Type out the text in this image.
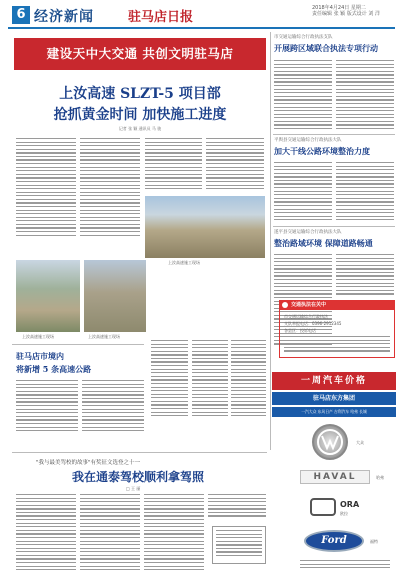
6 经济新闻	驻马店日报
2018年4月24日 星期二
责任编辑 张 颖 版式设计 刘 洋
建设天中大交通 共创文明驻马店
上汝高速 SLZT-5 项目部
抢抓黄金时间 加快施工进度
记者 张 颖 通讯员 马 骏
上汝高速施工现场
上汝高速施工现场	上汝高速施工现场
驻马店市境内
将新增 5 条高速公路
市交通运输综合行政执法支队
开展跨区域联合执法专项行动
平舆县交通运输综合行政执法大队
加大干线公路环境整治力度
遂平县交通运输综合行政执法大队
整治路域环境 保障道路畅通
交通执法在关中
市交通运输综合行政执法
支队举报电话：0396-2912345
各县区：投诉电话
一周汽车价格
驻马店东方集团
一汽大众 东风日产 吉利汽车 哈弗 长城
大众
HAVAL	哈弗
ORA
欧拉
Ford	福特
"我与最美驾校的故事"有奖征文选登之十一
我在通泰驾校顺利拿驾照
□ 王 丽
